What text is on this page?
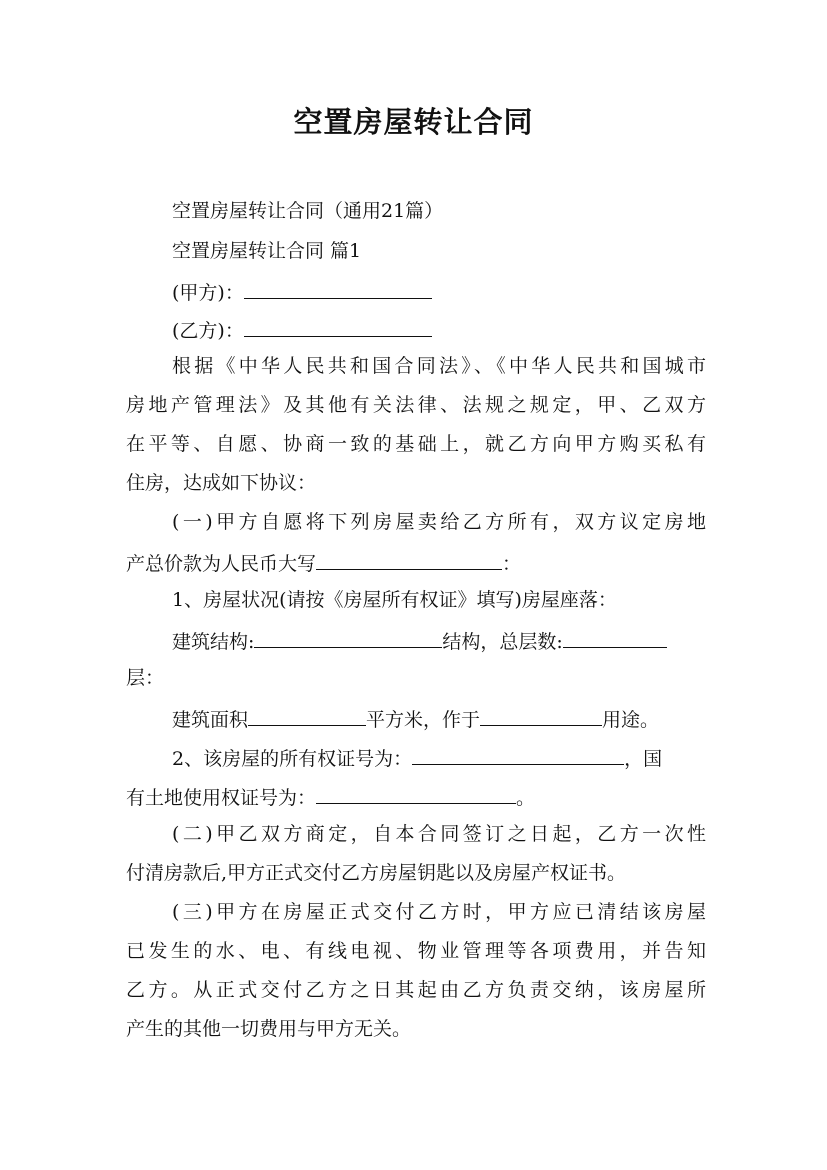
空置房屋转让合同
空置房屋转让合同（通用21篇）
空置房屋转让合同 篇1
(甲方)：
(乙方)：
根据《中华人民共和国合同法》、《中华人民共和国城市
房地产管理法》及其他有关法律、法规之规定，甲、乙双方
在平等、自愿、协商一致的基础上，就乙方向甲方购买私有
住房，达成如下协议：
(一)甲方自愿将下列房屋卖给乙方所有，双方议定房地
产总价款为人民币大写	：
1、房屋状况(请按《房屋所有权证》填写)房屋座落：
建筑结构:	结构，总层数:
层：
建筑面积	平方米，作于	用途。
2、该房屋的所有权证号为：	，国
有土地使用权证号为：	。
(二)甲乙双方商定，自本合同签订之日起，乙方一次性
付清房款后,甲方正式交付乙方房屋钥匙以及房屋产权证书。
(三)甲方在房屋正式交付乙方时，甲方应已清结该房屋
已发生的水、电、有线电视、物业管理等各项费用，并告知
乙方。从正式交付乙方之日其起由乙方负责交纳，该房屋所
产生的其他一切费用与甲方无关。
